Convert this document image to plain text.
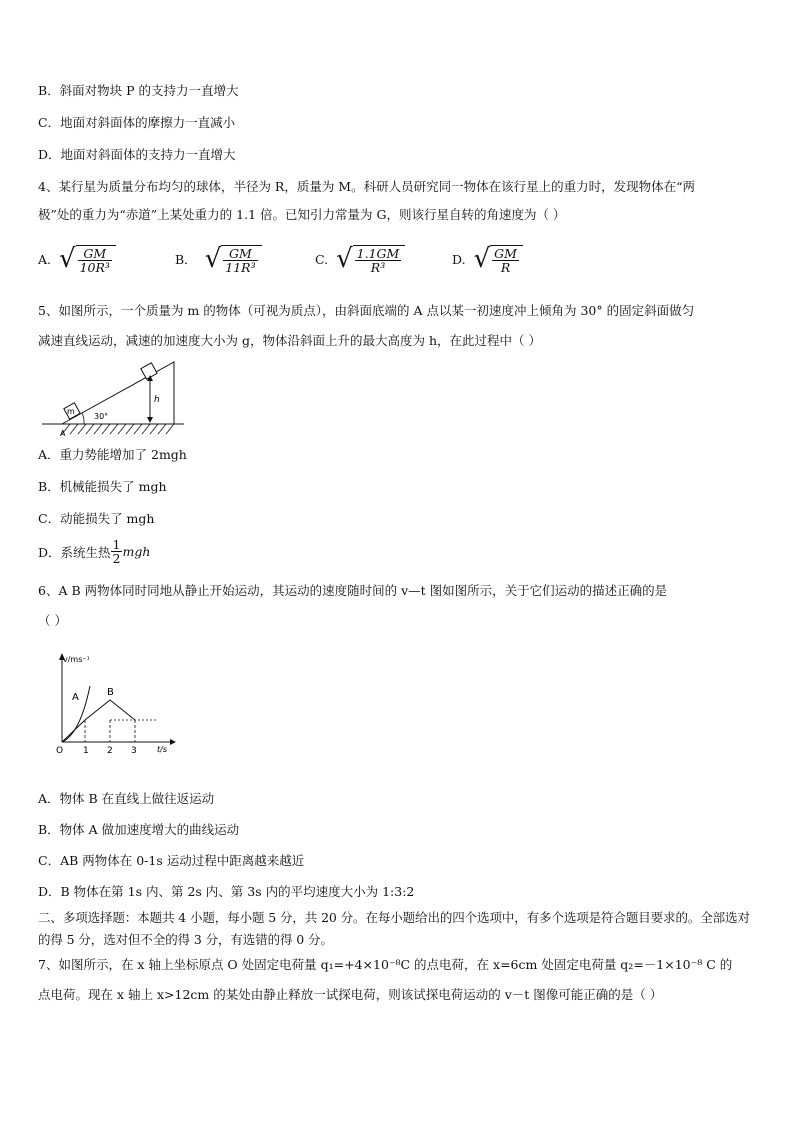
B．斜面对物块 P 的支持力一直增大
C．地面对斜面体的摩擦力一直减小
D．地面对斜面体的支持力一直增大
4、某行星为质量分布均匀的球体，半径为 R，质量为 M。科研人员研究同一物体在该行星上的重力时，发现物体在“两
极”处的重力为“赤道”上某处重力的 1.1 倍。已知引力常量为 G，则该行星自转的角速度为（ ）
A. √ $\frac{GM}{\text{10R³}}$	B． √ $\frac{GM}{\text{11R³}}$	C. √ $\frac{1.1GM}{\text{R³}}$	D. √ $\frac{GM}{R}$
5、如图所示，一个质量为 m 的物体（可视为质点），由斜面底端的 A 点以某一初速度冲上倾角为 30° 的固定斜面做匀
减速直线运动，减速的加速度大小为 g，物体沿斜面上升的最大高度为 h，在此过程中（ ）
m
h
30°
A
A．重力势能增加了 2mgh
B．机械能损失了 mgh
C．动能损失了 mgh
D．系统生热 $\frac{1}{2}$ mgh
6、A B 两物体同时同地从静止开始运动，其运动的速度随时间的 v—t 图如图所示，关于它们运动的描述正确的是
（ ）
v/ms⁻¹
t/s
O 1 2 3
A	B
A．物体 B 在直线上做往返运动
B．物体 A 做加速度增大的曲线运动
C．AB 两物体在 0-1s 运动过程中距离越来越近
D．B 物体在第 1s 内、第 2s 内、第 3s 内的平均速度大小为 1:3:2
二、多项选择题：本题共 4 小题，每小题 5 分，共 20 分。在每小题给出的四个选项中，有多个选项是符合题目要求的。全部选对的得 5 分，选对但不全的得 3 分，有选错的得 0 分。
7、如图所示，在 x 轴上坐标原点 O 处固定电荷量 q₁=+4×10⁻⁸C 的点电荷，在 x=6cm 处固定电荷量 q₂=－1×10⁻⁸ C 的
点电荷。现在 x 轴上 x>12cm 的某处由静止释放一试探电荷，则该试探电荷运动的 v－t 图像可能正确的是（ ）
